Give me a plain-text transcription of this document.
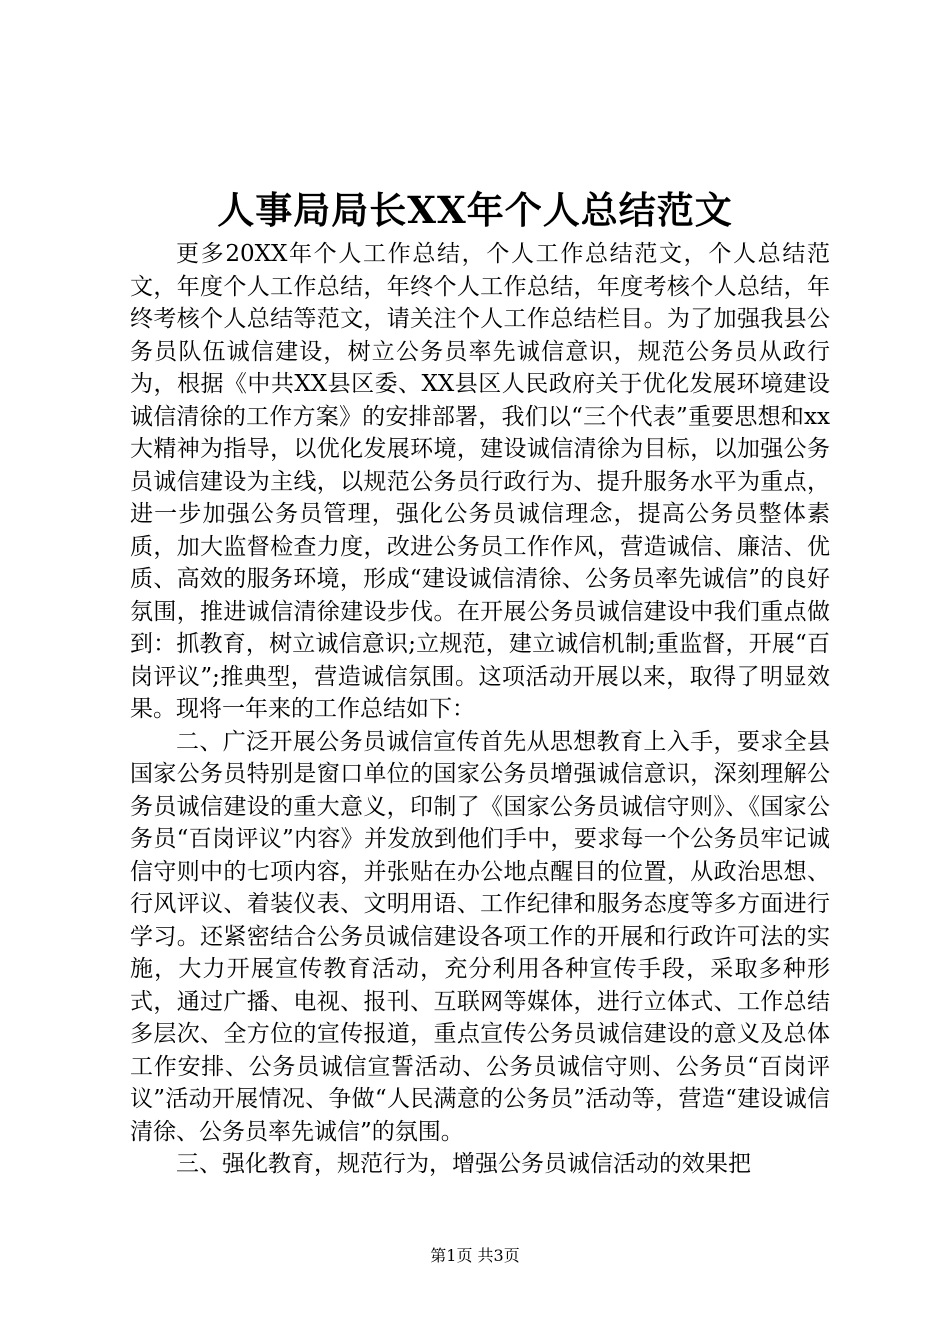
人事局局长XX年个人总结范文

更多20XX年个人工作总结，个人工作总结范文，个人总结范文，年度个人工作总结，年终个人工作总结，年度考核个人总结，年终考核个人总结等范文，请关注个人工作总结栏目。为了加强我县公务员队伍诚信建设，树立公务员率先诚信意识，规范公务员从政行为，根据《中共XX县区委、XX县区人民政府关于优化发展环境建设诚信清徐的工作方案》的安排部署，我们以“三个代表”重要思想和xx大精神为指导，以优化发展环境，建设诚信清徐为目标，以加强公务员诚信建设为主线，以规范公务员行政行为、提升服务水平为重点，进一步加强公务员管理，强化公务员诚信理念，提高公务员整体素质，加大监督检查力度，改进公务员工作作风，营造诚信、廉洁、优质、高效的服务环境，形成“建设诚信清徐、公务员率先诚信”的良好氛围，推进诚信清徐建设步伐。在开展公务员诚信建设中我们重点做到：抓教育，树立诚信意识;立规范，建立诚信机制;重监督，开展“百岗评议”;推典型，营造诚信氛围。这项活动开展以来，取得了明显效果。现将一年来的工作总结如下：

二、广泛开展公务员诚信宣传首先从思想教育上入手，要求全县国家公务员特别是窗口单位的国家公务员增强诚信意识，深刻理解公务员诚信建设的重大意义，印制了《国家公务员诚信守则》、《国家公务员“百岗评议”内容》并发放到他们手中，要求每一个公务员牢记诚信守则中的七项内容，并张贴在办公地点醒目的位置，从政治思想、行风评议、着装仪表、文明用语、工作纪律和服务态度等多方面进行学习。还紧密结合公务员诚信建设各项工作的开展和行政许可法的实施，大力开展宣传教育活动，充分利用各种宣传手段，采取多种形式，通过广播、电视、报刊、互联网等媒体，进行立体式、工作总结多层次、全方位的宣传报道，重点宣传公务员诚信建设的意义及总体工作安排、公务员诚信宣誓活动、公务员诚信守则、公务员“百岗评议”活动开展情况、争做“人民满意的公务员”活动等，营造“建设诚信清徐、公务员率先诚信”的氛围。

三、强化教育，规范行为，增强公务员诚信活动的效果把

第1页 共3页
